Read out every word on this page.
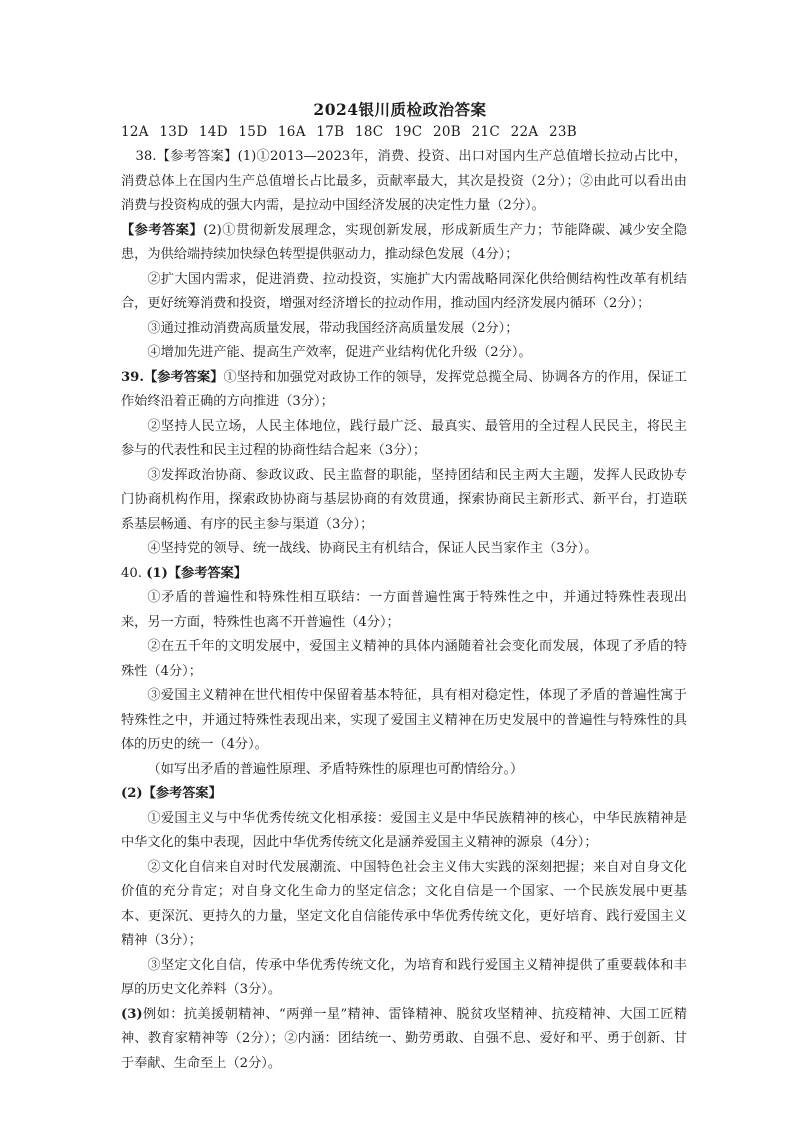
2024银川质检政治答案
12A 13D 14D 15D 16A 17B 18C 19C 20B 21C 22A 23B

38.【参考答案】(1)①2013—2023年，消费、投资、出口对国内生产总值增长拉动占比中，消费总体上在国内生产总值增长占比最多，贡献率最大，其次是投资（2分）；②由此可以看出由消费与投资构成的强大内需，是拉动中国经济发展的决定性力量（2分）。

【参考答案】(2)①贯彻新发展理念，实现创新发展，形成新质生产力；节能降碳、减少安全隐患，为供给端持续加快绿色转型提供驱动力，推动绿色发展（4分）；

②扩大国内需求，促进消费、拉动投资，实施扩大内需战略同深化供给侧结构性改革有机结合，更好统筹消费和投资，增强对经济增长的拉动作用，推动国内经济发展内循环（2分）；

③通过推动消费高质量发展，带动我国经济高质量发展（2分）；

④增加先进产能、提高生产效率，促进产业结构优化升级（2分）。

39.【参考答案】①坚持和加强党对政协工作的领导，发挥党总揽全局、协调各方的作用，保证工作始终沿着正确的方向推进（3分）；

②坚持人民立场，人民主体地位，践行最广泛、最真实、最管用的全过程人民民主，将民主参与的代表性和民主过程的协商性结合起来（3分）；

③发挥政治协商、参政议政、民主监督的职能，坚持团结和民主两大主题，发挥人民政协专门协商机构作用，探索政协协商与基层协商的有效贯通，探索协商民主新形式、新平台，打造联系基层畅通、有序的民主参与渠道（3分）；

④坚持党的领导、统一战线、协商民主有机结合，保证人民当家作主（3分）。

40. (1)【参考答案】

①矛盾的普遍性和特殊性相互联结：一方面普遍性寓于特殊性之中，并通过特殊性表现出来，另一方面，特殊性也离不开普遍性（4分）；

②在五千年的文明发展中，爱国主义精神的具体内涵随着社会变化而发展，体现了矛盾的特殊性（4分）；

③爱国主义精神在世代相传中保留着基本特征，具有相对稳定性，体现了矛盾的普遍性寓于特殊性之中，并通过特殊性表现出来，实现了爱国主义精神在历史发展中的普遍性与特殊性的具体的历史的统一（4分）。

（如写出矛盾的普遍性原理、矛盾特殊性的原理也可酌情给分。）

(2)【参考答案】

①爱国主义与中华优秀传统文化相承接：爱国主义是中华民族精神的核心，中华民族精神是中华文化的集中表现，因此中华优秀传统文化是涵养爱国主义精神的源泉（4分）；

②文化自信来自对时代发展潮流、中国特色社会主义伟大实践的深刻把握；来自对自身文化价值的充分肯定；对自身文化生命力的坚定信念；文化自信是一个国家、一个民族发展中更基本、更深沉、更持久的力量，坚定文化自信能传承中华优秀传统文化，更好培育、践行爱国主义精神（3分）；

③坚定文化自信，传承中华优秀传统文化，为培育和践行爱国主义精神提供了重要载体和丰厚的历史文化养料（3分）。

(3)例如：抗美援朝精神、“两弹一星”精神、雷锋精神、脱贫攻坚精神、抗疫精神、大国工匠精神、教育家精神等（2分）；②内涵：团结统一、勤劳勇敢、自强不息、爱好和平、勇于创新、甘于奉献、生命至上（2分）。
